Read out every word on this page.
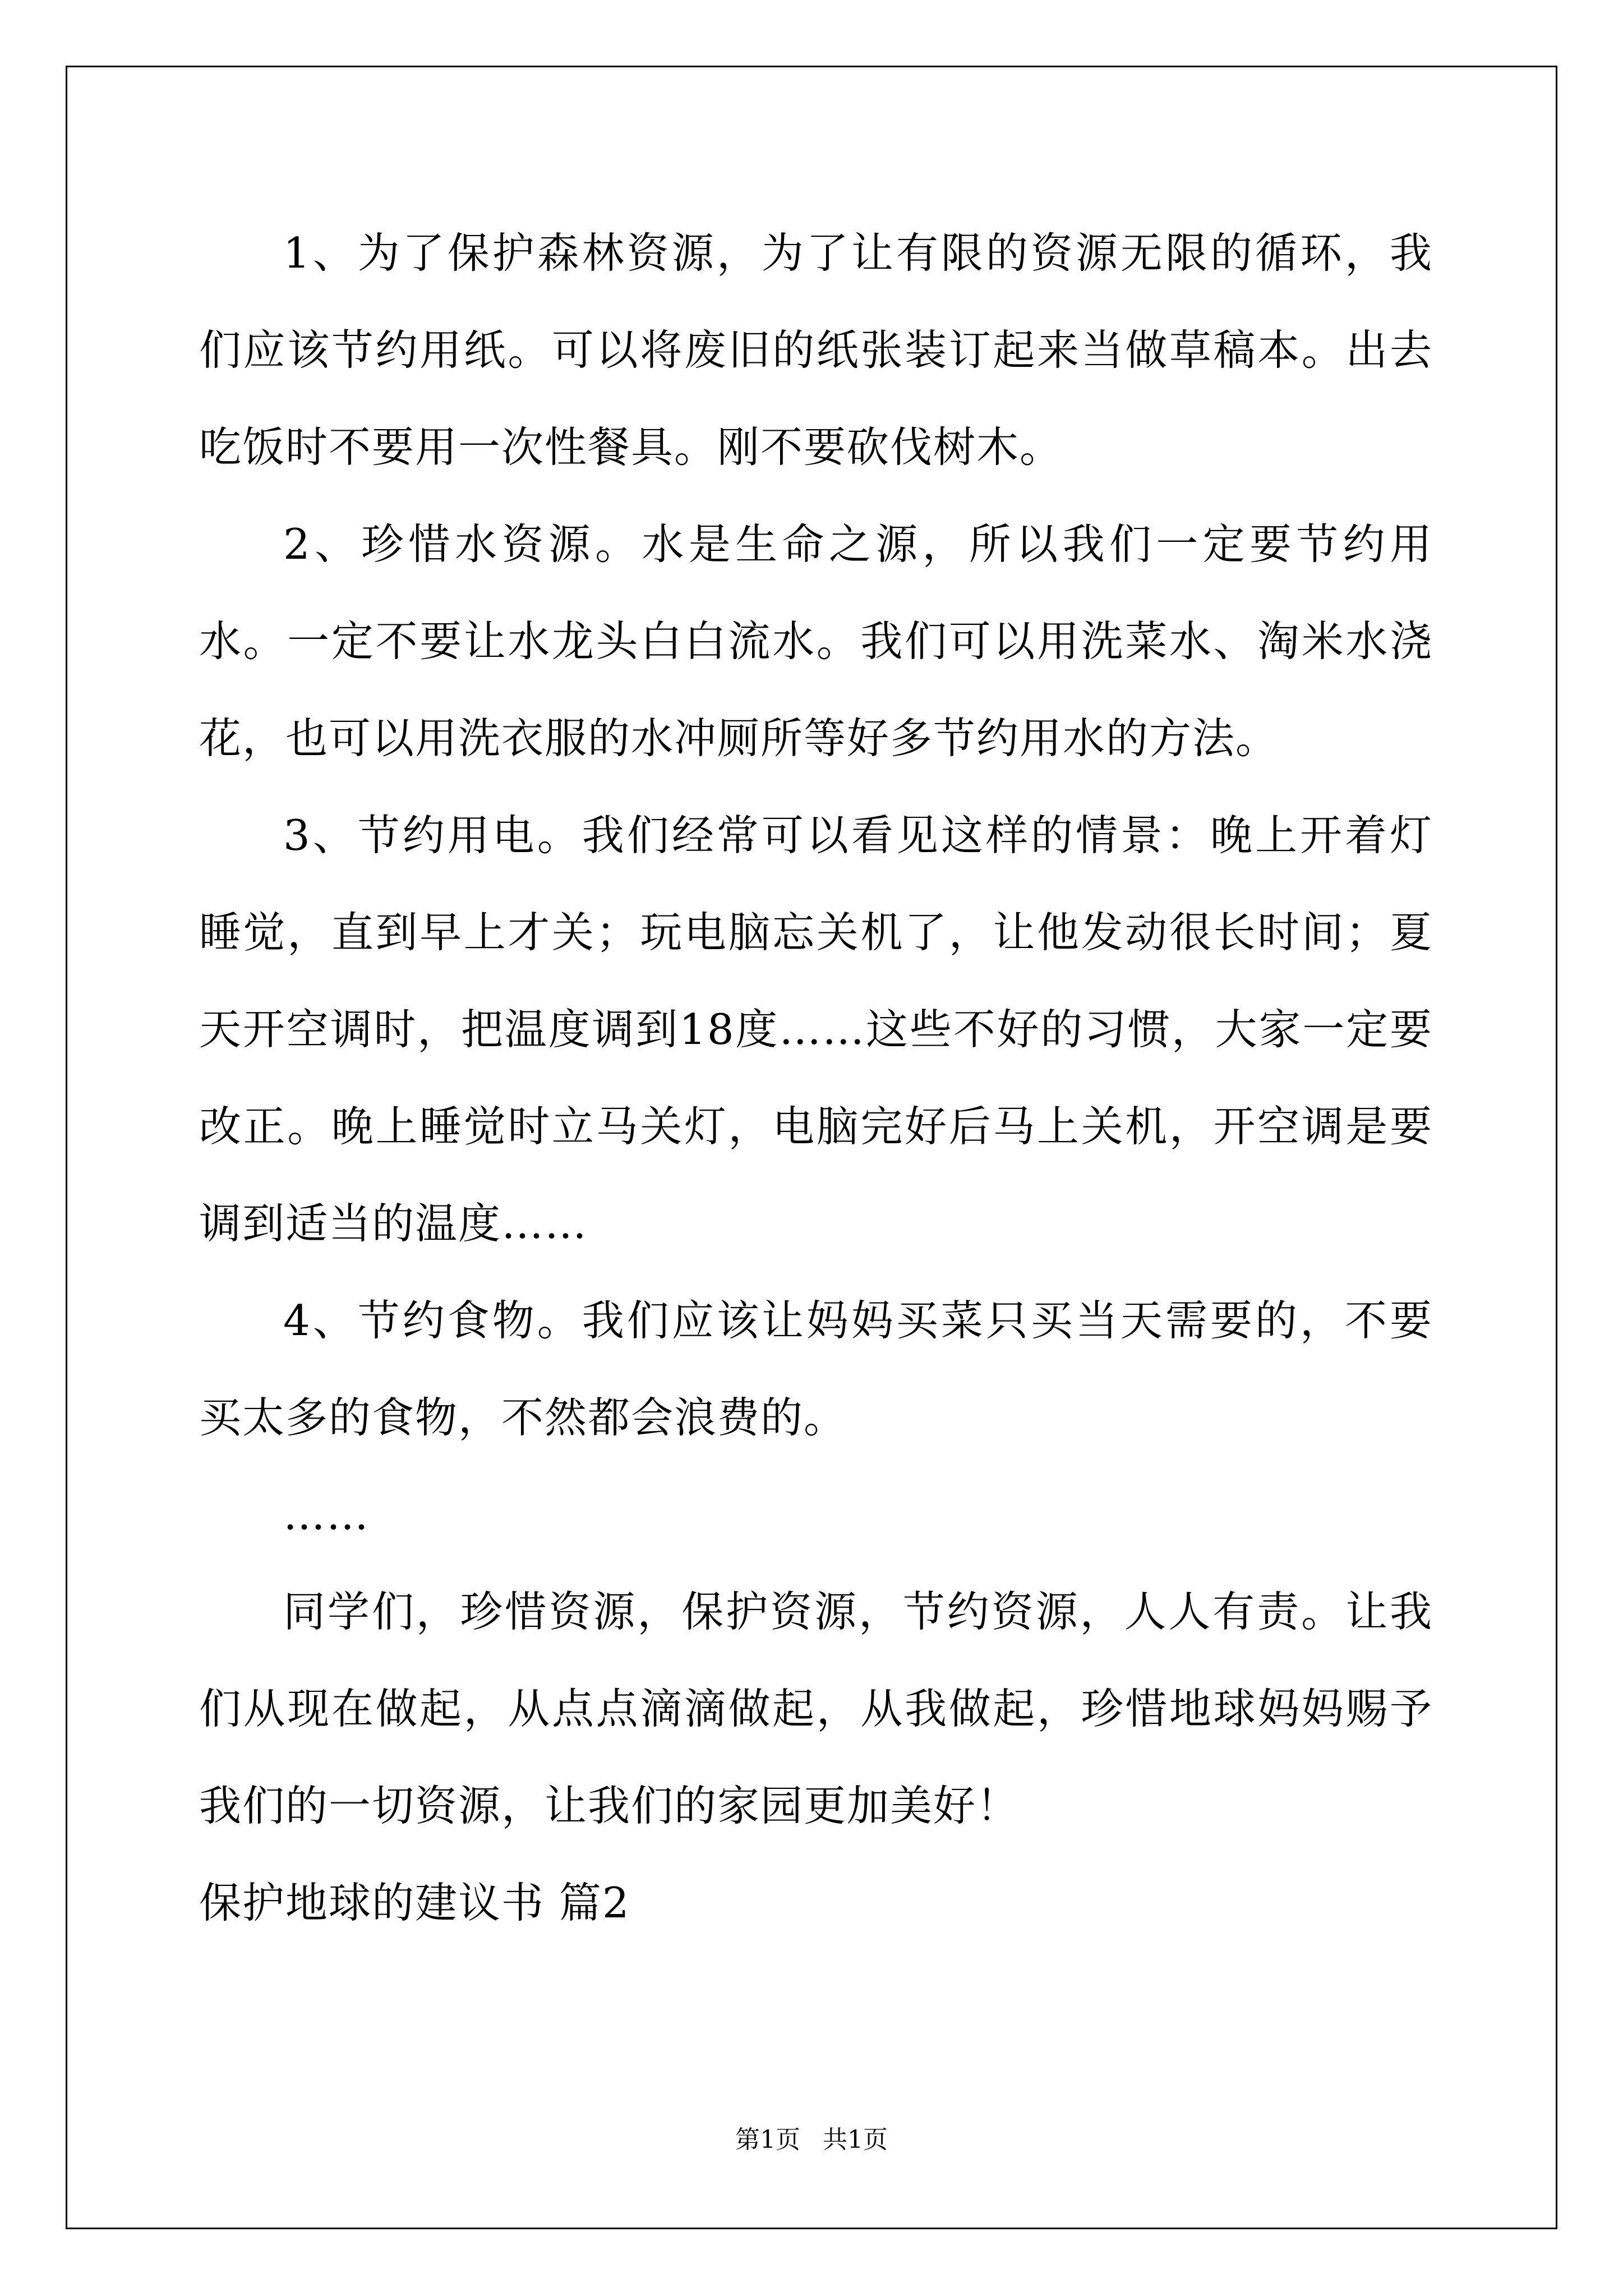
1、为了保护森林资源，为了让有限的资源无限的循环，我们应该节约用纸。可以将废旧的纸张装订起来当做草稿本。出去吃饭时不要用一次性餐具。刚不要砍伐树木。

2、珍惜水资源。水是生命之源，所以我们一定要节约用水。一定不要让水龙头白白流水。我们可以用洗菜水、淘米水浇花，也可以用洗衣服的水冲厕所等好多节约用水的方法。

3、节约用电。我们经常可以看见这样的情景：晚上开着灯睡觉，直到早上才关；玩电脑忘关机了，让他发动很长时间；夏天开空调时，把温度调到18度……这些不好的习惯，大家一定要改正。晚上睡觉时立马关灯，电脑完好后马上关机，开空调是要调到适当的温度……

4、节约食物。我们应该让妈妈买菜只买当天需要的，不要买太多的食物，不然都会浪费的。

……

同学们，珍惜资源，保护资源，节约资源，人人有责。让我们从现在做起，从点点滴滴做起，从我做起，珍惜地球妈妈赐予我们的一切资源，让我们的家园更加美好！

保护地球的建议书 篇2

第1页 共1页
